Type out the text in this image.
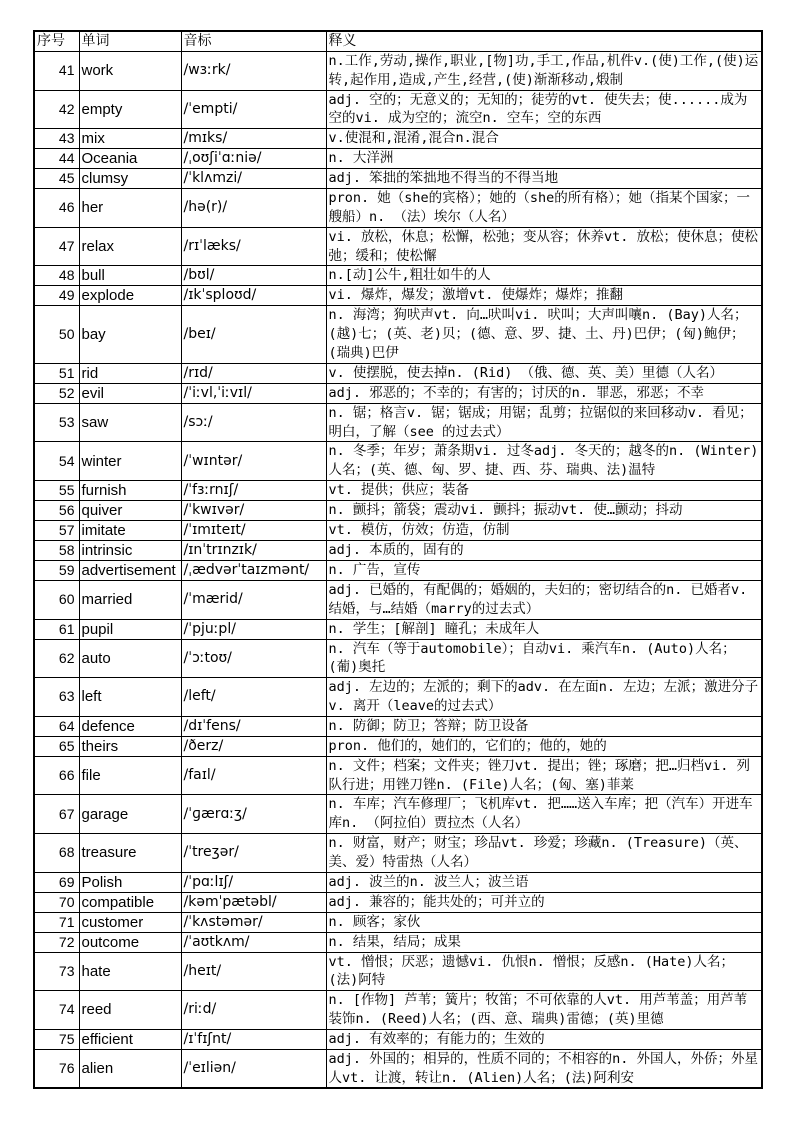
序号	单词	音标	释义
41	work	/wɜːrk/	n.工作,劳动,操作,职业,[物]功,手工,作品,机件v.(使)工作,(使)运转,起作用,造成,产生,经营,(使)渐渐移动,煅制
42	empty	/ˈempti/	adj. 空的；无意义的；无知的；徒劳的vt. 使失去；使......成为空的vi. 成为空的；流空n. 空车；空的东西
43	mix	/mɪks/	v.使混和,混淆,混合n.混合
44	Oceania	/ˌoʊʃiˈɑːniə/	n. 大洋洲
45	clumsy	/ˈklʌmzi/	adj. 笨拙的笨拙地不得当的不得当地
46	her	/hə(r)/	pron. 她（she的宾格）；她的（she的所有格）；她（指某个国家；一艘船）n. （法）埃尔（人名）
47	relax	/rɪˈlæks/	vi. 放松，休息；松懈，松弛；变从容；休养vt. 放松；使休息；使松弛；缓和；使松懈
48	bull	/bʊl/	n.[动]公牛,粗壮如牛的人
49	explode	/ɪkˈsploʊd/	vi. 爆炸，爆发；激增vt. 使爆炸；爆炸；推翻
50	bay	/beɪ/	n. 海湾；狗吠声vt. 向…吠叫vi. 吠叫；大声叫嚷n. (Bay)人名；(越)七；(英、老)贝；(德、意、罗、捷、土、丹)巴伊；(匈)鲍伊；(瑞典)巴伊
51	rid	/rɪd/	v. 使摆脱，使去掉n. (Rid) （俄、德、英、美）里德（人名）
52	evil	/ˈiːvl,ˈiːvɪl/	adj. 邪恶的；不幸的；有害的；讨厌的n. 罪恶，邪恶；不幸
53	saw	/sɔː/	n. 锯；格言v. 锯；锯成；用锯；乱剪；拉锯似的来回移动v. 看见；明白，了解（see 的过去式）
54	winter	/ˈwɪntər/	n. 冬季；年岁；萧条期vi. 过冬adj. 冬天的；越冬的n. (Winter)人名；(英、德、匈、罗、捷、西、芬、瑞典、法)温特
55	furnish	/ˈfɜːrnɪʃ/	vt. 提供；供应；装备
56	quiver	/ˈkwɪvər/	n. 颤抖；箭袋；震动vi. 颤抖；振动vt. 使…颤动；抖动
57	imitate	/ˈɪmɪteɪt/	vt. 模仿，仿效；仿造，仿制
58	intrinsic	/ɪnˈtrɪnzɪk/	adj. 本质的，固有的
59	advertisement	/ˌædvərˈtaɪzmənt/	n. 广告，宣传
60	married	/ˈmærid/	adj. 已婚的，有配偶的；婚姻的，夫妇的；密切结合的n. 已婚者v. 结婚，与…结婚（marry的过去式）
61	pupil	/ˈpjuːpl/	n. 学生；[解剖] 瞳孔；未成年人
62	auto	/ˈɔːtoʊ/	n. 汽车（等于automobile）；自动vi. 乘汽车n. (Auto)人名；(葡)奥托
63	left	/left/	adj. 左边的；左派的；剩下的adv. 在左面n. 左边；左派；激进分子v. 离开（leave的过去式）
64	defence	/dɪˈfens/	n. 防御；防卫；答辩；防卫设备
65	theirs	/ðerz/	pron. 他们的，她们的，它们的；他的，她的
66	file	/faɪl/	n. 文件；档案；文件夹；锉刀vt. 提出；锉；琢磨；把…归档vi. 列队行进；用锉刀锉n. (File)人名；(匈、塞)菲莱
67	garage	/ˈɡærɑːʒ/	n. 车库；汽车修理厂；飞机库vt. 把……送入车库；把（汽车）开进车库n. （阿拉伯）贾拉杰（人名）
68	treasure	/ˈtreʒər/	n. 财富，财产；财宝；珍品vt. 珍爱；珍藏n. (Treasure)（英、美、爱）特雷热（人名）
69	Polish	/ˈpɑːlɪʃ/	adj. 波兰的n. 波兰人；波兰语
70	compatible	/kəmˈpætəbl/	adj. 兼容的；能共处的；可并立的
71	customer	/ˈkʌstəmər/	n. 顾客；家伙
72	outcome	/ˈaʊtkʌm/	n. 结果，结局；成果
73	hate	/heɪt/	vt. 憎恨；厌恶；遗憾vi. 仇恨n. 憎恨；反感n. (Hate)人名；(法)阿特
74	reed	/riːd/	n. [作物] 芦苇；簧片；牧笛；不可依靠的人vt. 用芦苇盖；用芦苇装饰n. (Reed)人名；(西、意、瑞典)雷德；(英)里德
75	efficient	/ɪˈfɪʃnt/	adj. 有效率的；有能力的；生效的
76	alien	/ˈeɪliən/	adj. 外国的；相异的，性质不同的；不相容的n. 外国人，外侨；外星人vt. 让渡，转让n. (Alien)人名；(法)阿利安
